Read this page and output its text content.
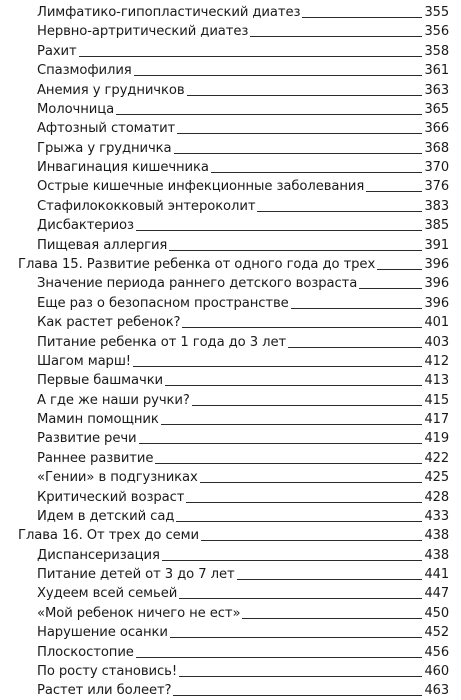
Лимфатико-гипопластический диатез	355
Нервно-артритический диатез	356
Рахит	358
Спазмофилия	361
Анемия у грудничков	363
Молочница	365
Афтозный стоматит	366
Грыжа у грудничка	368
Инвагинация кишечника	370
Острые кишечные инфекционные заболевания	376
Стафилококковый энтероколит	383
Дисбактериоз	385
Пищевая аллергия	391
Глава 15. Развитие ребенка от одного года до трех	396
Значение периода раннего детского возраста	396
Еще раз о безопасном пространстве	396
Как растет ребенок?	401
Питание ребенка от 1 года до 3 лет	403
Шагом марш!	412
Первые башмачки	413
А где же наши ручки?	415
Мамин помощник	417
Развитие речи	419
Раннее развитие	422
«Гении» в подгузниках	425
Критический возраст	428
Идем в детский сад	433
Глава 16. От трех до семи	438
Диспансеризация	438
Питание детей от 3 до 7 лет	441
Худеем всей семьей	447
«Мой ребенок ничего не ест»	450
Нарушение осанки	452
Плоскостопие	456
По росту становись!	460
Растет или болеет?	463
